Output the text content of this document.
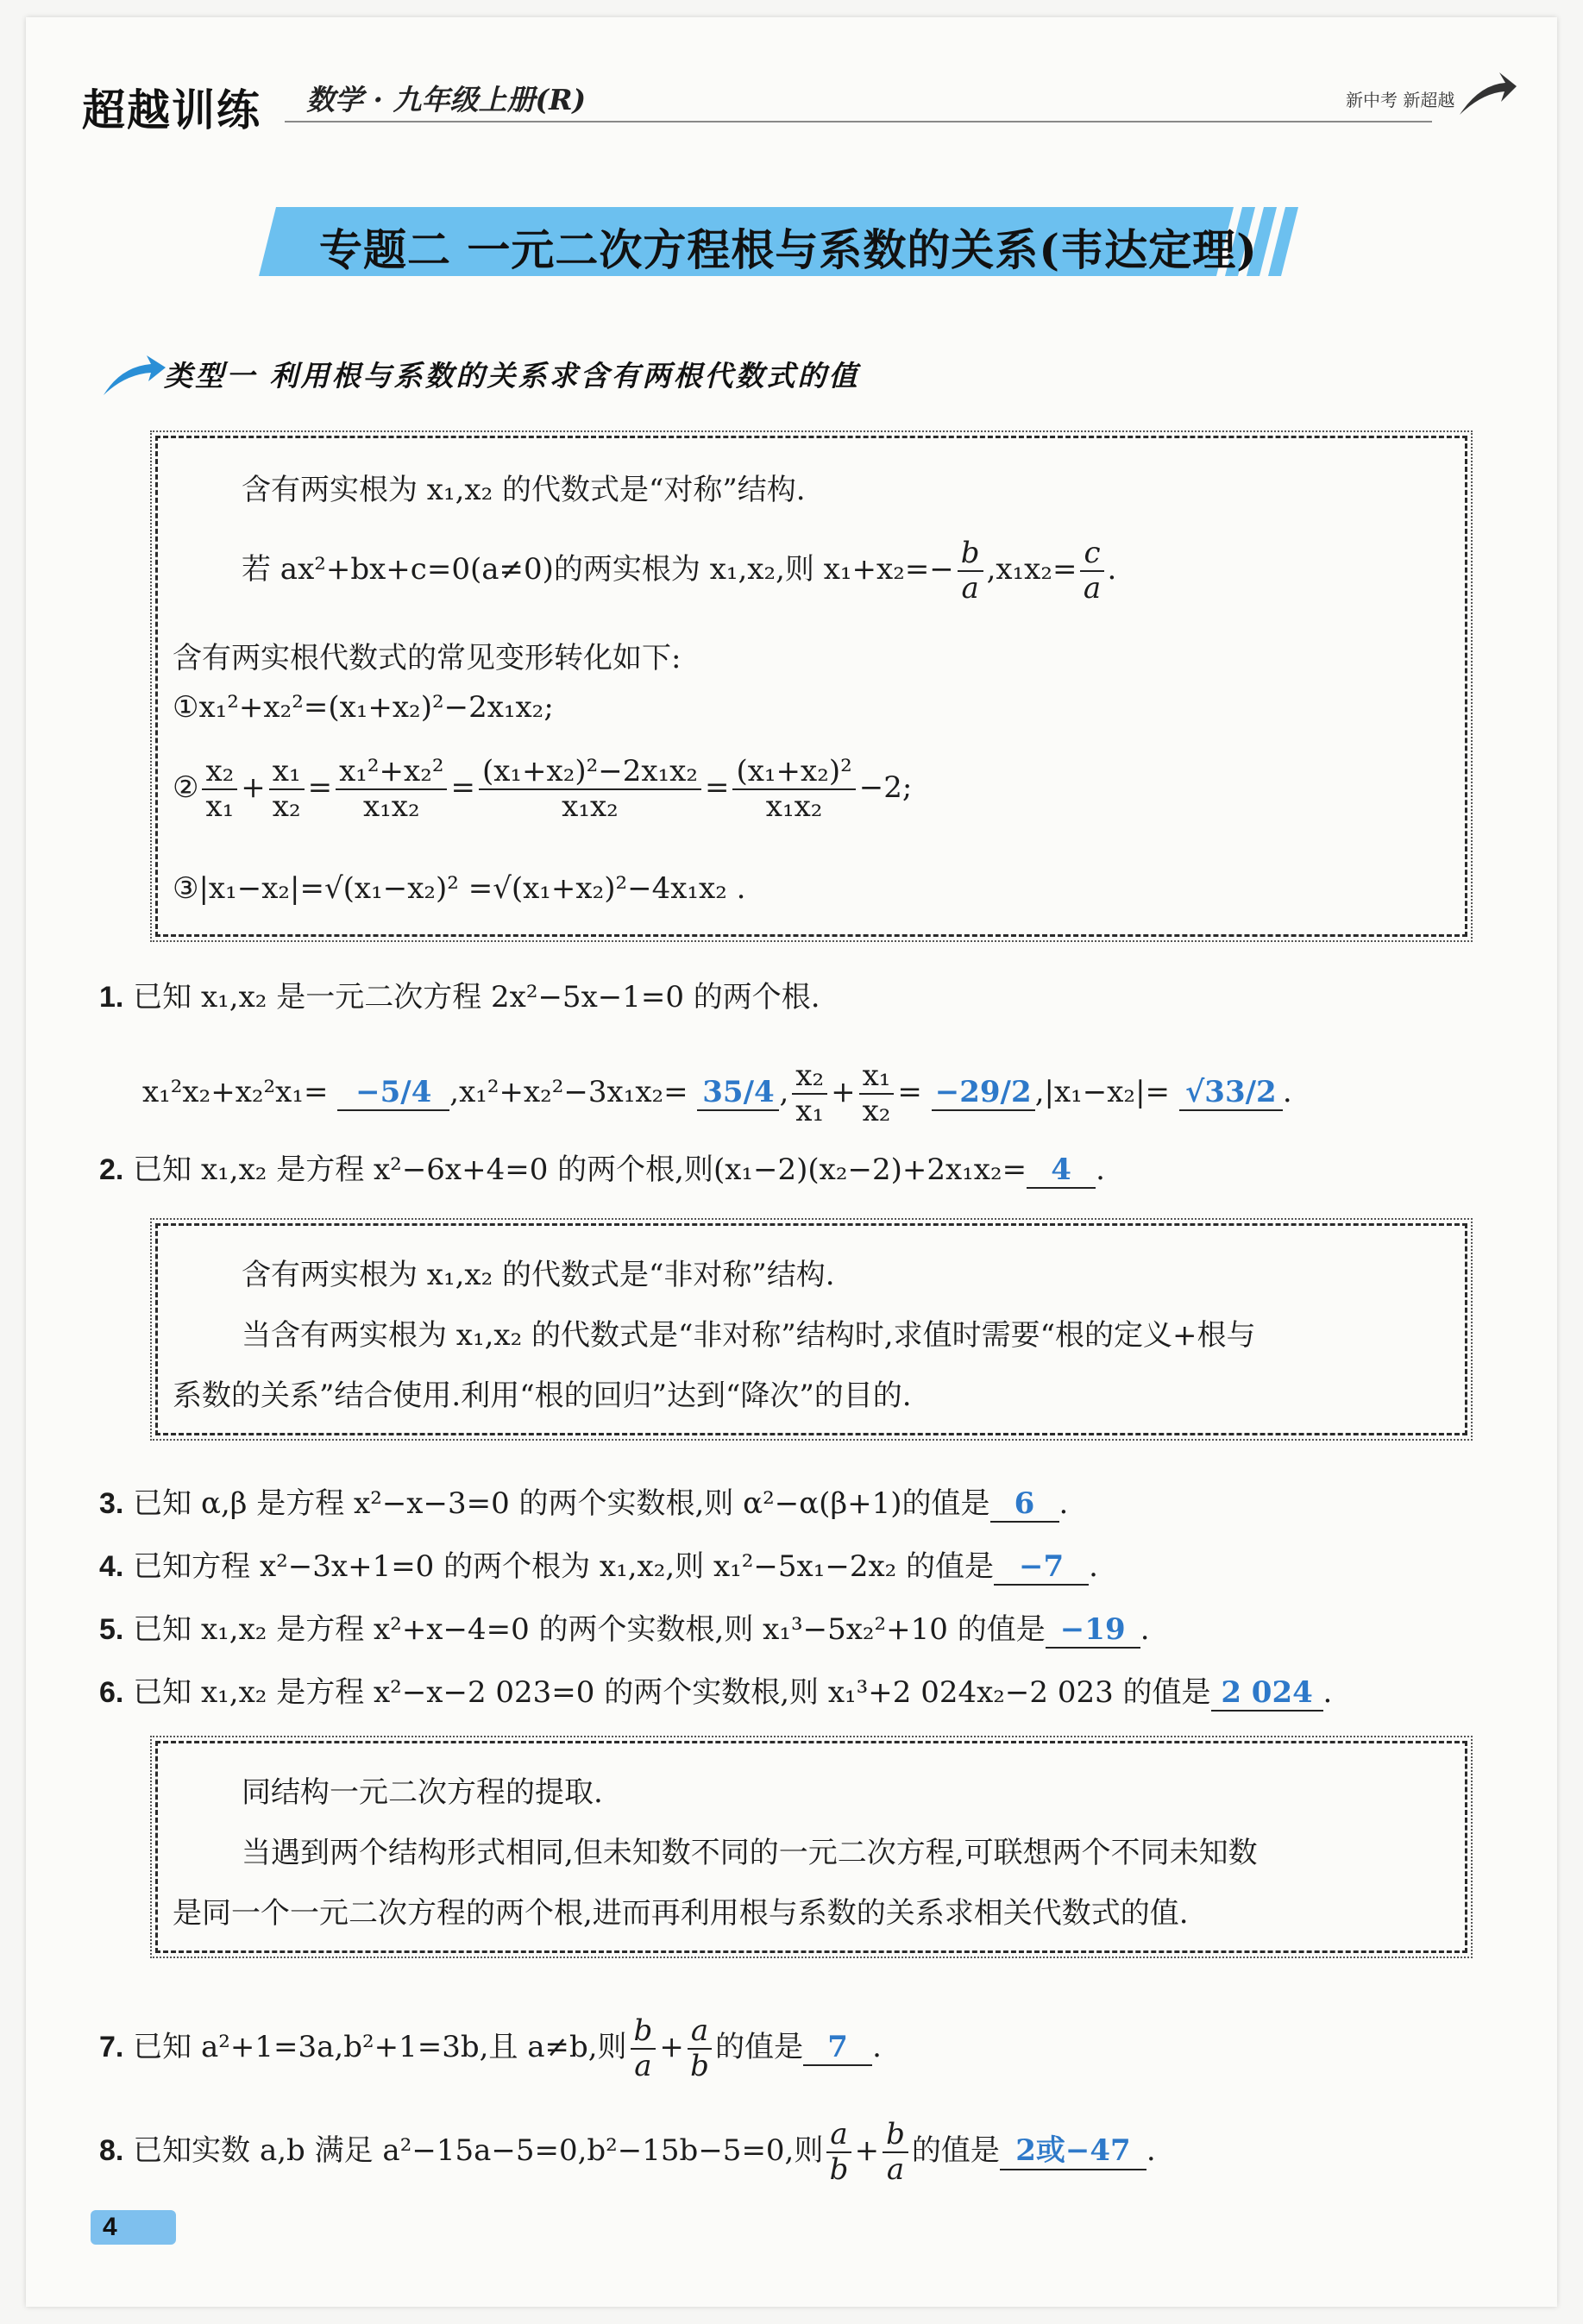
超越训练 数学 · 九年级上册(R)	新中考 新超越
专题二 一元二次方程根与系数的关系(韦达定理)
类型一 利用根与系数的关系求含有两根代数式的值
含有两实根为 x₁,x₂ 的代数式是“对称”结构.
若 ax²+bx+c=0(a≠0)的两实根为 x₁,x₂,则 $x_1+x_2=- \frac{b}{a} ,x_1x_2= \frac{c}{a}$ .
含有两实根代数式的常见变形转化如下:
①x₁²+x₂²=(x₁+x₂)²−2x₁x₂;
② $\frac{\text{x₂}}{\text{x₁}} + \frac{\text{x₁}}{\text{x₂}} = \frac{\text{x₁²+x₂²}}{\text{x₁x₂}} = \frac{\text{(x₁+x₂)²−2x₁x₂}}{\text{x₁x₂}} = \frac{\text{(x₁+x₂)²}}{\text{x₁x₂}} -2$;
③|x₁−x₂|=√(x₁−x₂)² =√(x₁+x₂)²−4x₁x₂ .
1. 已知 x₁,x₂ 是一元二次方程 2x²−5x−1=0 的两个根.
x₁²x₂+x₂²x₁= −5/4 ,x₁²+x₂²−3x₁x₂= 35/4 , $\frac{\text{x₂}}{\text{x₁}} + \frac{\text{x₁}}{\text{x₂}} = -29/2$ ,|x₁−x₂|= √33/2 .
2. 已知 x₁,x₂ 是方程 x²−6x+4=0 的两个根,则(x₁−2)(x₂−2)+2x₁x₂= 4 .
含有两实根为 x₁,x₂ 的代数式是“非对称”结构.
当含有两实根为 x₁,x₂ 的代数式是“非对称”结构时,求值时需要“根的定义+根与
系数的关系”结合使用.利用“根的回归”达到“降次”的目的.
3. 已知 α,β 是方程 x²−x−3=0 的两个实数根,则 α²−α(β+1)的值是 6 .
4. 已知方程 x²−3x+1=0 的两个根为 x₁,x₂,则 x₁²−5x₁−2x₂ 的值是 −7 .
5. 已知 x₁,x₂ 是方程 x²+x−4=0 的两个实数根,则 x₁³−5x₂²+10 的值是 −19 .
6. 已知 x₁,x₂ 是方程 x²−x−2 023=0 的两个实数根,则 x₁³+2 024x₂−2 023 的值是 2 024 .
同结构一元二次方程的提取.
当遇到两个结构形式相同,但未知数不同的一元二次方程,可联想两个不同未知数
是同一个一元二次方程的两个根,进而再利用根与系数的关系求相关代数式的值.
7. 已知 a²+1=3a,b²+1=3b,且 a≠b,则 $\frac{b}{a} + \frac{a}{b}$ 的值是 7 .
8. 已知实数 a,b 满足 a²−15a−5=0,b²−15b−5=0,则 $\frac{a}{b} + \frac{b}{a}$ 的值是 2或−47 .
4
